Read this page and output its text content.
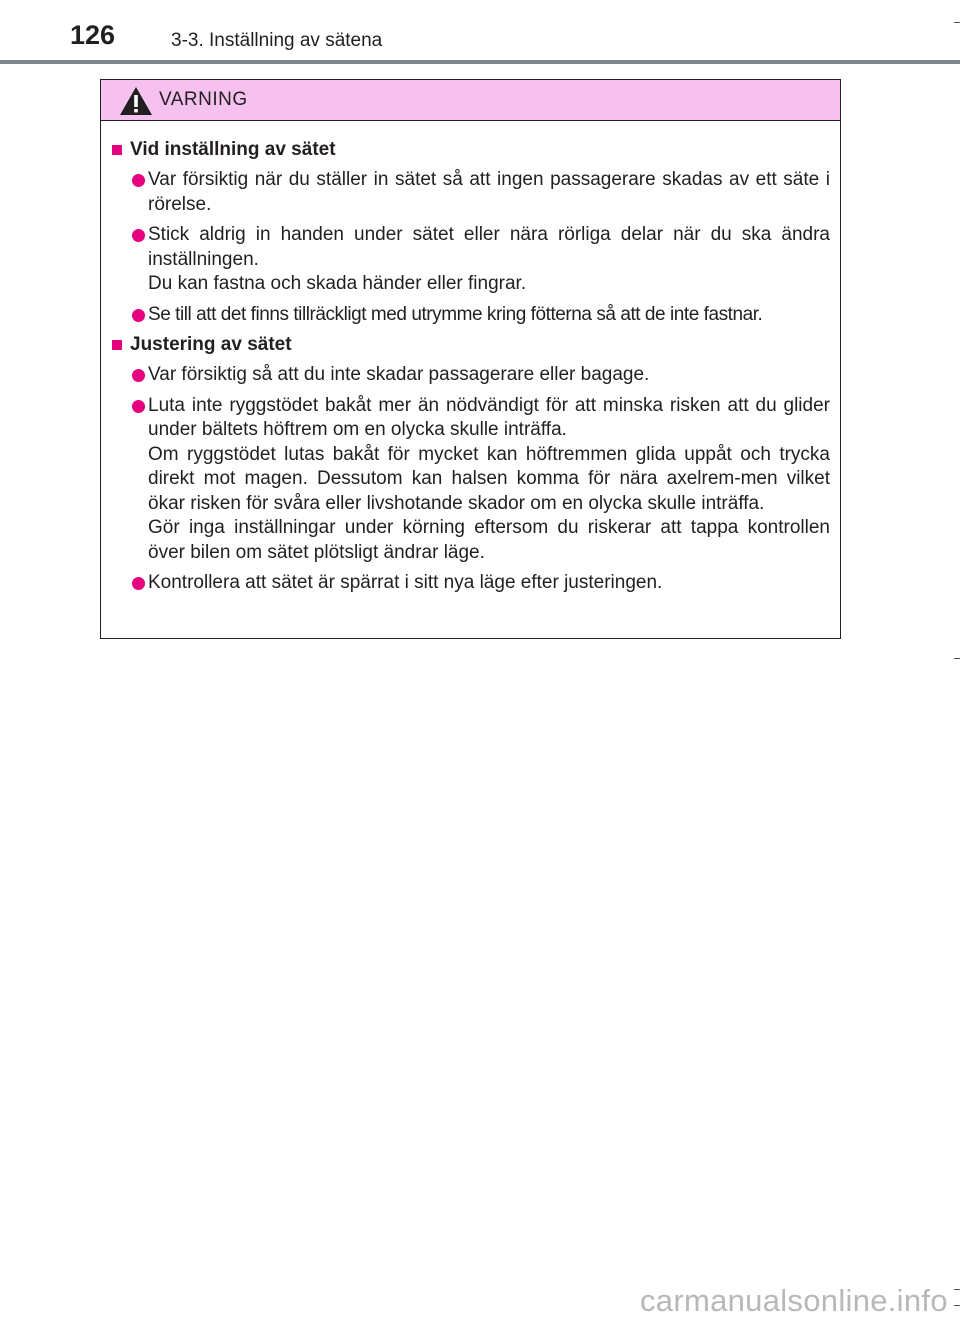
126	3-3. Inställning av sätena
VARNING
Vid inställning av sätet

Var försiktig när du ställer in sätet så att ingen passagerare skadas av ett säte i rörelse.

Stick aldrig in handen under sätet eller nära rörliga delar när du ska ändra inställningen.

Du kan fastna och skada händer eller fingrar.

Se till att det finns tillräckligt med utrymme kring fötterna så att de inte fastnar.

Justering av sätet

Var försiktig så att du inte skadar passagerare eller bagage.

Luta inte ryggstödet bakåt mer än nödvändigt för att minska risken att du glider under bältets höftrem om en olycka skulle inträffa.

Om ryggstödet lutas bakåt för mycket kan höftremmen glida uppåt och trycka direkt mot magen. Dessutom kan halsen komma för nära axelrem-men vilket ökar risken för svåra eller livshotande skador om en olycka skulle inträffa.

Gör inga inställningar under körning eftersom du riskerar att tappa kontrollen över bilen om sätet plötsligt ändrar läge.

Kontrollera att sätet är spärrat i sitt nya läge efter justeringen.

carmanualsonline.info
